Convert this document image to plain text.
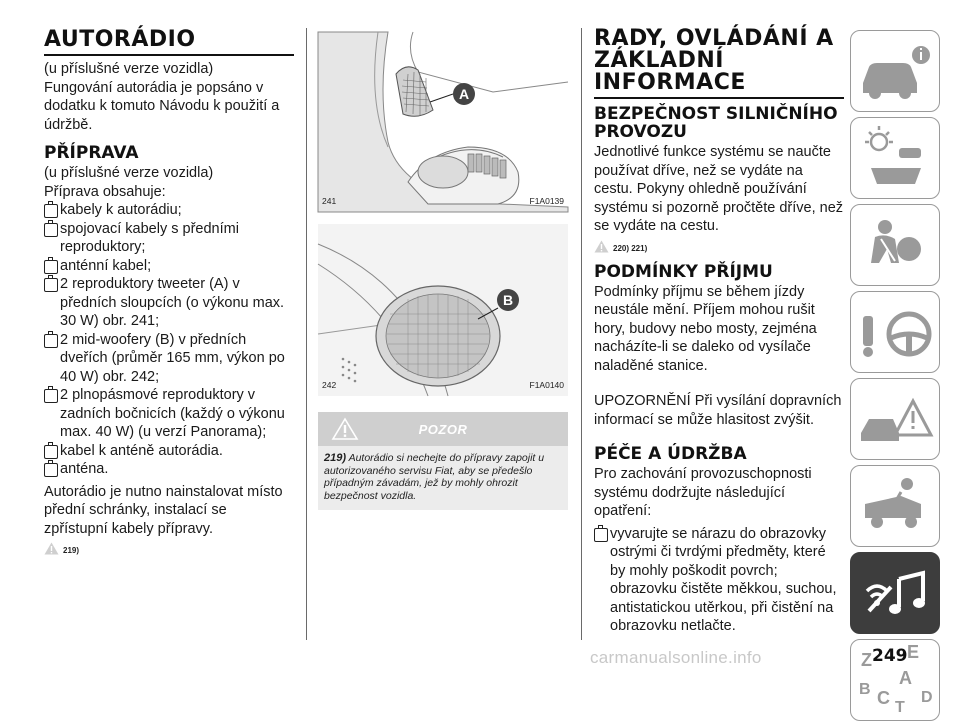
AUTORÁDIO
(u příslušné verze vozidla)
Fungování autorádia je popsáno v dodatku k tomuto Návodu k použití a údržbě.
PŘÍPRAVA
(u příslušné verze vozidla)
Příprava obsahuje:
kabely k autorádiu;
spojovací kabely s předními reproduktory;
anténní kabel;
2 reproduktory tweeter (A) v předních sloupcích (o výkonu max. 30 W) obr. 241;
2 mid-woofery (B) v předních dveřích (průměr 165 mm, výkon po 40 W) obr. 242;
2 plnopásmové reproduktory v zadních bočnicích (každý o výkonu max. 40 W) (u verzí Panorama);
kabel k anténě autorádia.
anténa.
Autorádio je nutno nainstalovat místo přední schránky, instalací se zpřístupní kabely přípravy.
219)
A
241	F1A0139
B
242	F1A0140
POZOR
219) Autorádio si nechejte do přípravy zapojit u autorizovaného servisu Fiat, aby se předešlo případným závadám, jež by mohly ohrozit bezpečnost vozidla.
RADY, OVLÁDÁNÍ A ZÁKLADNÍ INFORMACE
BEZPEČNOST SILNIČNÍHO PROVOZU
Jednotlivé funkce systému se naučte používat dříve, než se vydáte na cestu. Pokyny ohledně používání systému si pozorně pročtěte dříve, než se vydáte na cestu.
220) 221)
PODMÍNKY PŘÍJMU
Podmínky příjmu se během jízdy neustále mění. Příjem mohou rušit hory, budovy nebo mosty, zejména nacházíte-li se daleko od vysílače naladěné stanice.
UPOZORNĚNÍ Při vysílání dopravních informací se může hlasitost zvýšit.
PÉČE A ÚDRŽBA
Pro zachování provozuschopnosti systému dodržujte následující opatření:
vyvarujte se nárazu do obrazovky ostrými či tvrdými předměty, které by mohly poškodit povrch; obrazovku čistěte měkkou, suchou, antistatickou utěrkou, při čistění na obrazovku netlačte.
Z E
A
B C T
D
carmanualsonline.info	249
